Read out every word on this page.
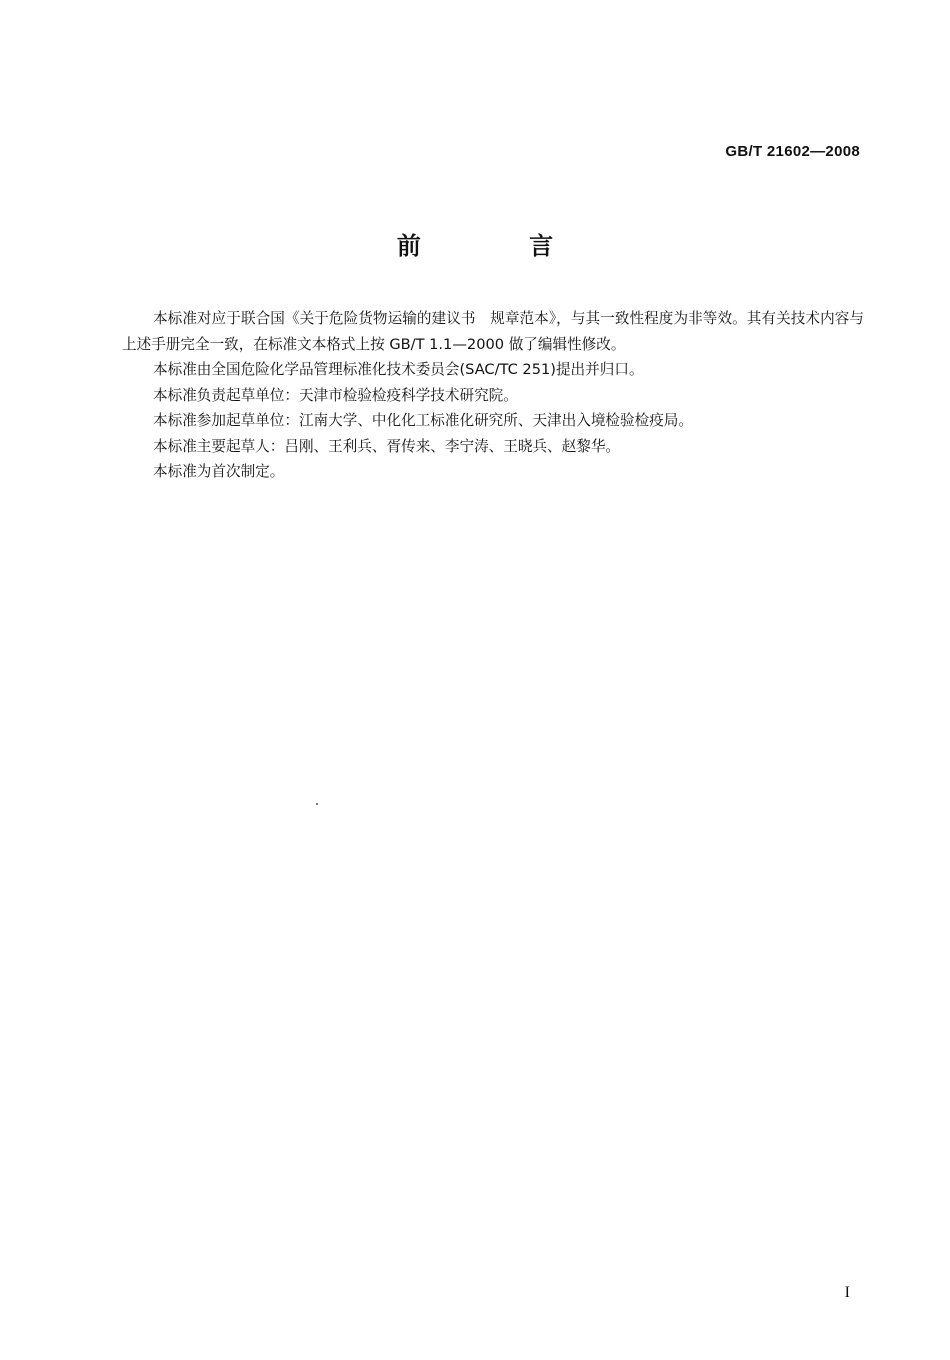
GB/T 21602—2008
前 言

本标准对应于联合国《关于危险货物运输的建议书　规章范本》，与其一致性程度为非等效。其有关技术内容与上述手册完全一致，在标准文本格式上按 GB/T 1.1—2000 做了编辑性修改。

本标准由全国危险化学品管理标准化技术委员会(SAC/TC 251)提出并归口。

本标准负责起草单位：天津市检验检疫科学技术研究院。

本标准参加起草单位：江南大学、中化化工标准化研究所、天津出入境检验检疫局。

本标准主要起草人：吕刚、王利兵、胥传来、李宁涛、王晓兵、赵黎华。

本标准为首次制定。

I
